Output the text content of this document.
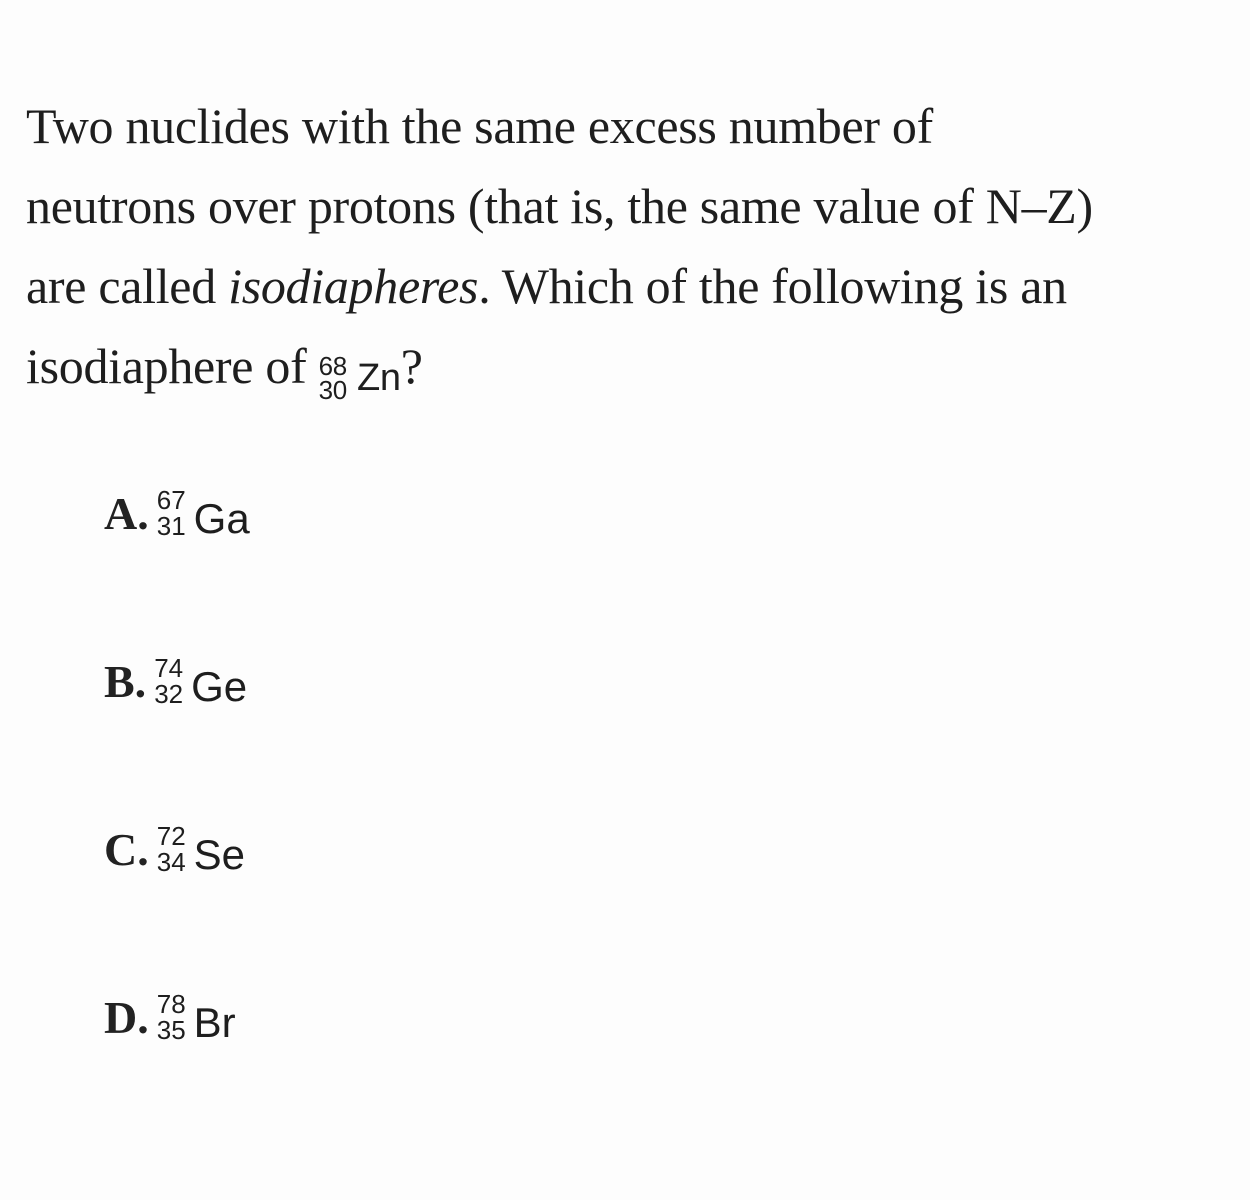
Two nuclides with the same excess number of
neutrons over protons (that is, the same value of N–Z)
are called isodiapheres. Which of the following is an
isodiaphere of 68
30 Zn ?

A. 67
31 Ga
B. 74
32 Ge
C. 72
34 Se
D. 78
35 Br
